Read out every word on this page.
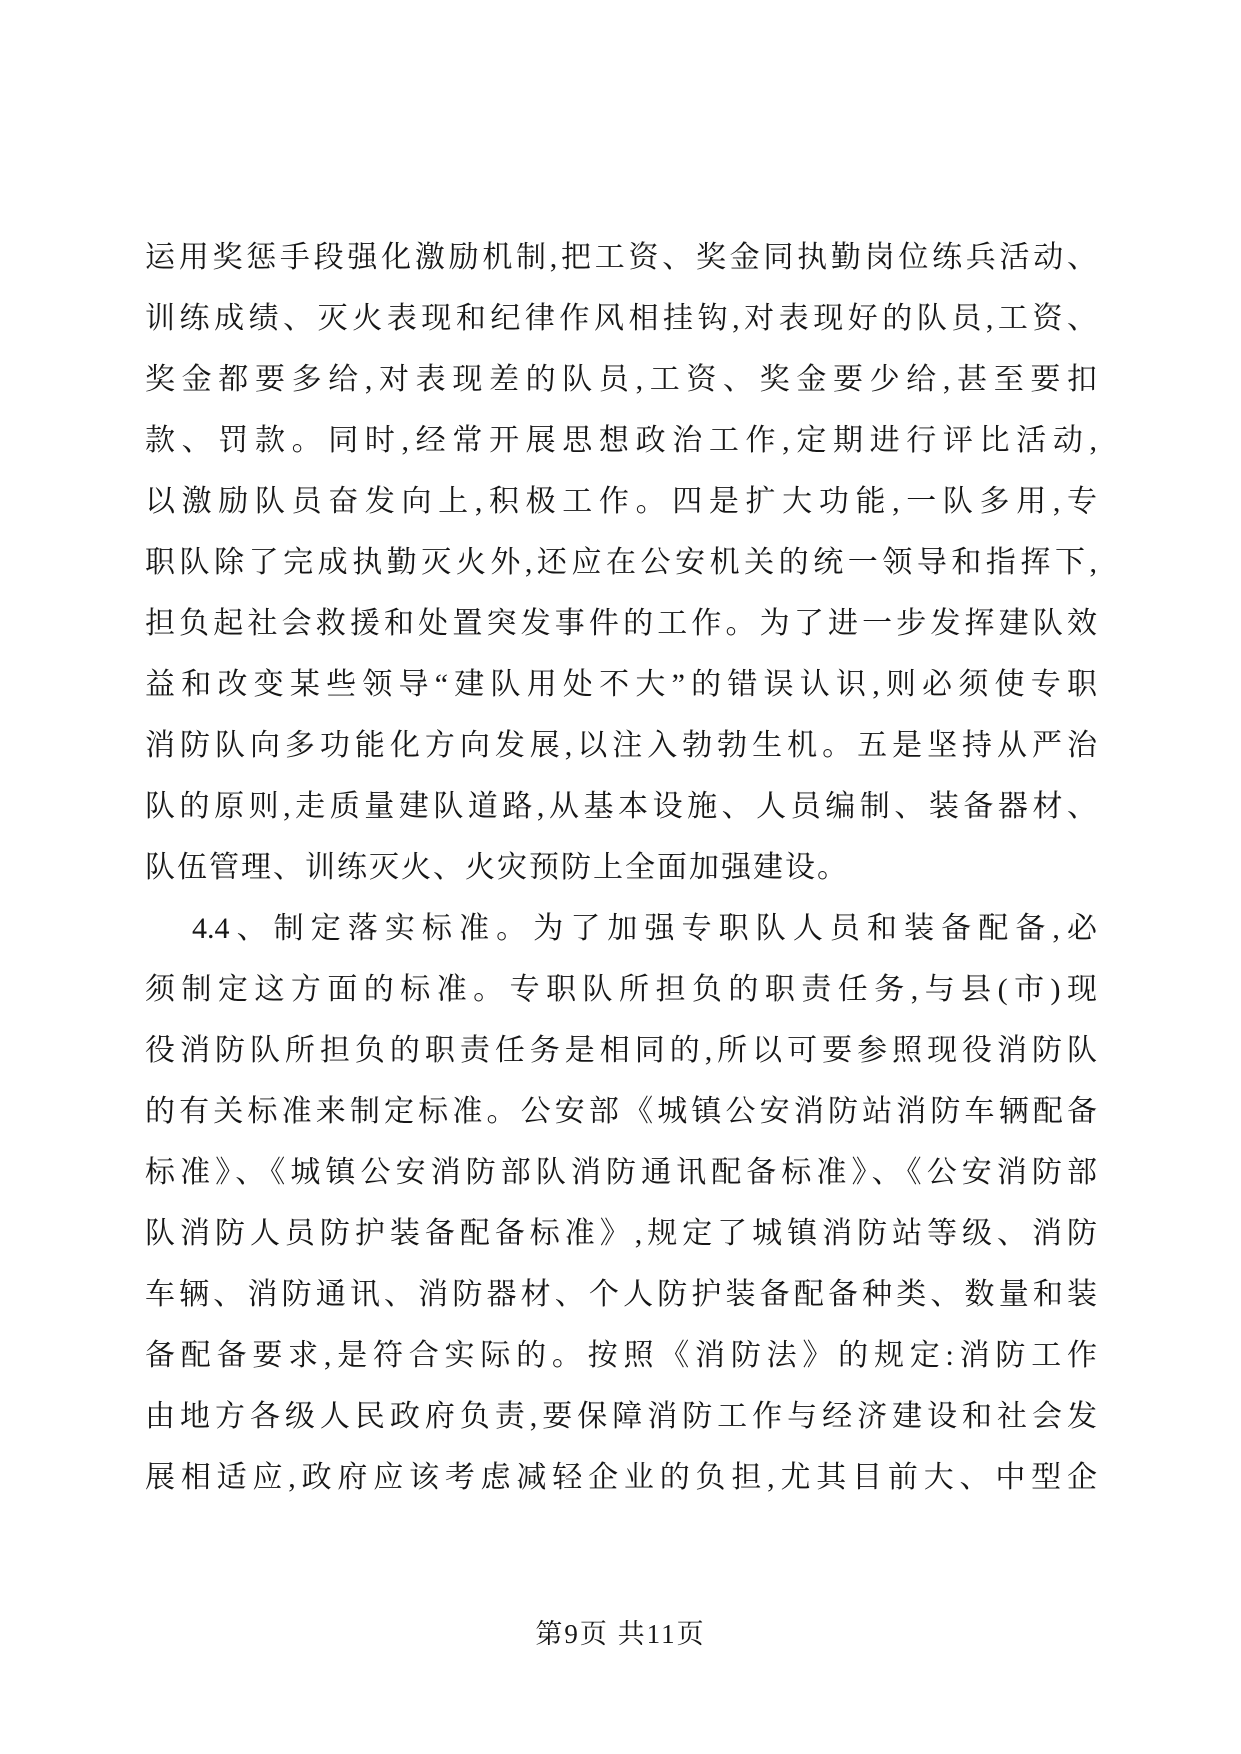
运用奖惩手段强化激励机制,把工资、奖金同执勤岗位练兵活动、
训练成绩、灭火表现和纪律作风相挂钩,对表现好的队员,工资、
奖金都要多给,对表现差的队员,工资、奖金要少给,甚至要扣
款、罚款。同时,经常开展思想政治工作,定期进行评比活动,
以激励队员奋发向上,积极工作。四是扩大功能,一队多用,专
职队除了完成执勤灭火外,还应在公安机关的统一领导和指挥下,
担负起社会救援和处置突发事件的工作。为了进一步发挥建队效
益和改变某些领导“建队用处不大”的错误认识,则必须使专职
消防队向多功能化方向发展,以注入勃勃生机。五是坚持从严治
队的原则,走质量建队道路,从基本设施、人员编制、装备器材、
队伍管理、训练灭火、火灾预防上全面加强建设。
4.4、制定落实标准。为了加强专职队人员和装备配备,必
须制定这方面的标准。专职队所担负的职责任务,与县(市)现
役消防队所担负的职责任务是相同的,所以可要参照现役消防队
的有关标准来制定标准。公安部《城镇公安消防站消防车辆配备
标准》、《城镇公安消防部队消防通讯配备标准》、《公安消防部
队消防人员防护装备配备标准》,规定了城镇消防站等级、消防
车辆、消防通讯、消防器材、个人防护装备配备种类、数量和装
备配备要求,是符合实际的。按照《消防法》的规定:消防工作
由地方各级人民政府负责,要保障消防工作与经济建设和社会发
展相适应,政府应该考虑减轻企业的负担,尤其目前大、中型企
第9页 共11页
